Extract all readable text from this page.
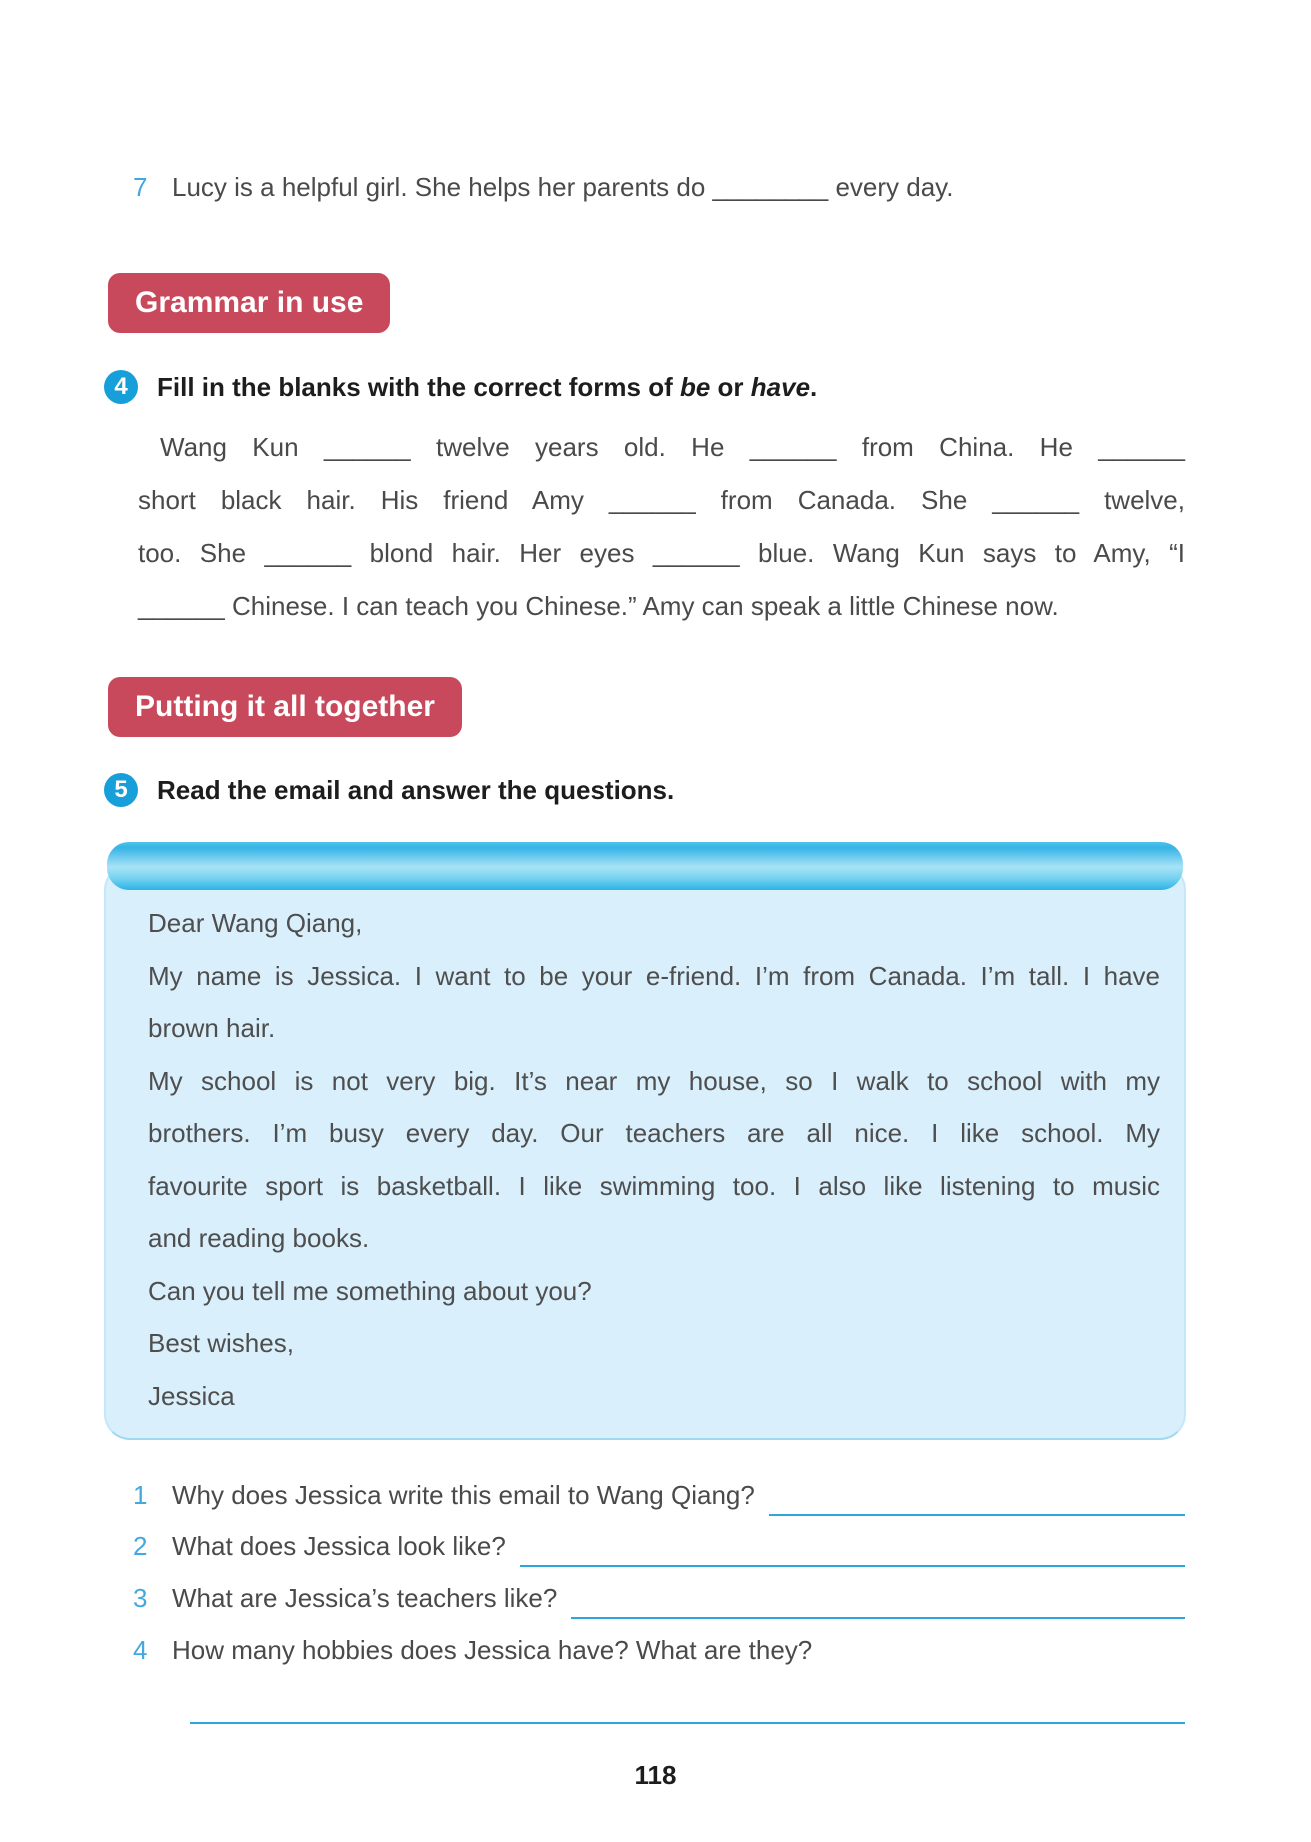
7 Lucy is a helpful girl. She helps her parents do ________ every day.
Grammar in use
4	Fill in the blanks with the correct forms of be or have.
Wang Kun ______ twelve years old. He ______ from China. He ______
short black hair. His friend Amy ______ from Canada. She ______ twelve,
too. She ______ blond hair. Her eyes ______ blue. Wang Kun says to Amy, “I
______ Chinese. I can teach you Chinese.” Amy can speak a little Chinese now.
Putting it all together
5	Read the email and answer the questions.
Dear Wang Qiang,
My name is Jessica. I want to be your e-friend. I’m from Canada. I’m tall. I have
brown hair.
My school is not very big. It’s near my house, so I walk to school with my
brothers. I’m busy every day. Our teachers are all nice. I like school. My
favourite sport is basketball. I like swimming too. I also like listening to music
and reading books.
Can you tell me something about you?
Best wishes,
Jessica
1 Why does Jessica write this email to Wang Qiang?
2 What does Jessica look like?
3 What are Jessica’s teachers like?
4 How many hobbies does Jessica have? What are they?
118
